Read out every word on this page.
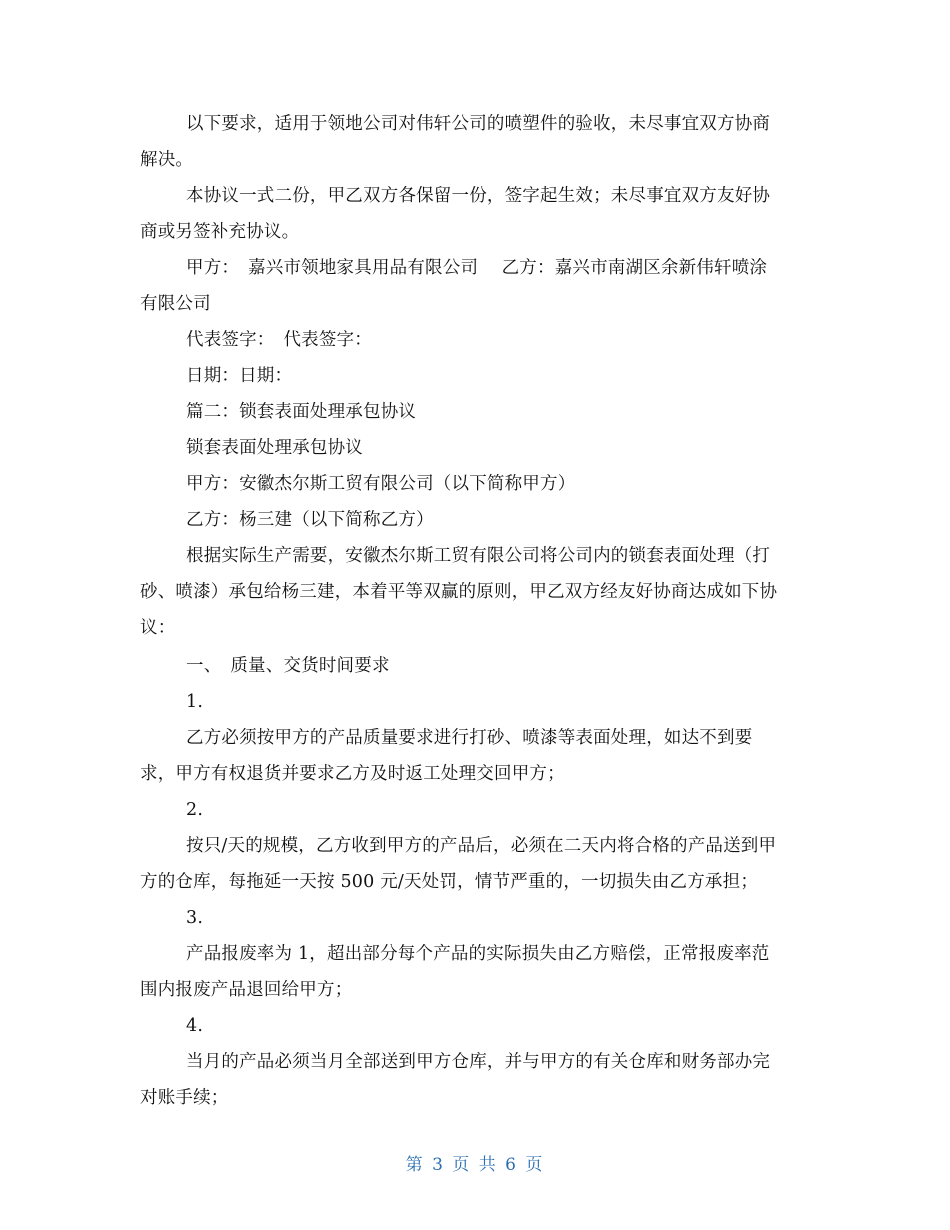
以下要求，适用于领地公司对伟轩公司的喷塑件的验收，未尽事宜双方协商
解决。
本协议一式二份，甲乙双方各保留一份，签字起生效；未尽事宜双方友好协
商或另签补充协议。
甲方：　嘉兴市领地家具用品有限公司　 乙方：嘉兴市南湖区余新伟轩喷涂
有限公司
代表签字：　代表签字：
日期：日期：
篇二：锁套表面处理承包协议
锁套表面处理承包协议
甲方：安徽杰尔斯工贸有限公司（以下简称甲方）
乙方：杨三建（以下简称乙方）
根据实际生产需要，安徽杰尔斯工贸有限公司将公司内的锁套表面处理（打
砂、喷漆）承包给杨三建，本着平等双赢的原则，甲乙双方经友好协商达成如下协
议：
一、　质量、交货时间要求
1.
乙方必须按甲方的产品质量要求进行打砂、喷漆等表面处理，如达不到要
求，甲方有权退货并要求乙方及时返工处理交回甲方；
2.
按只/天的规模，乙方收到甲方的产品后，必须在二天内将合格的产品送到甲
方的仓库，每拖延一天按 500 元/天处罚，情节严重的，一切损失由乙方承担；
3.
产品报废率为 1，超出部分每个产品的实际损失由乙方赔偿，正常报废率范
围内报废产品退回给甲方；
4.
当月的产品必须当月全部送到甲方仓库，并与甲方的有关仓库和财务部办完
对账手续；
第 3 页 共 6 页
